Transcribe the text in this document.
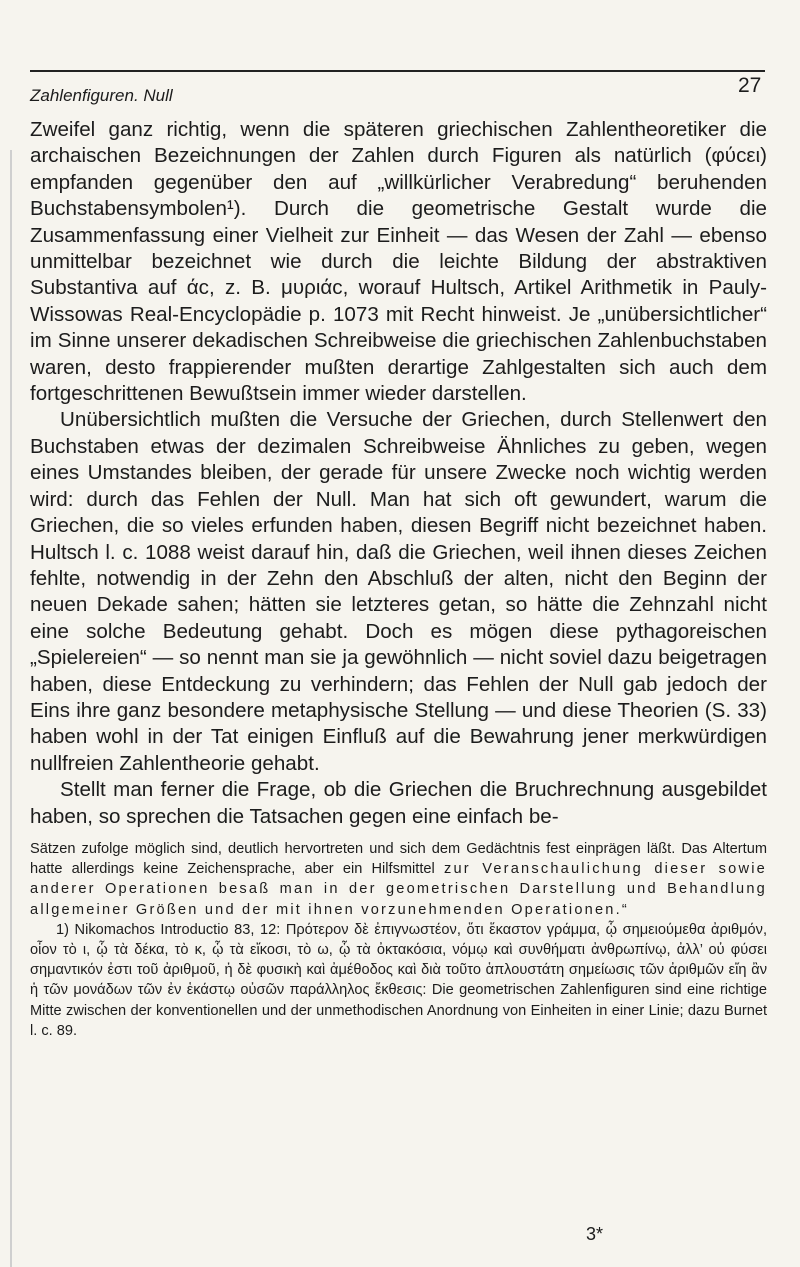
Zahlenfiguren. Null	27

Zweifel ganz richtig, wenn die späteren griechischen Zahlentheoretiker die archaischen Bezeichnungen der Zahlen durch Figuren als natürlich (φύcει) empfanden gegenüber den auf „willkürlicher Verabredung“ beruhenden Buchstabensymbolen¹). Durch die geometrische Gestalt wurde die Zusammenfassung einer Vielheit zur Einheit — das Wesen der Zahl — ebenso unmittelbar bezeichnet wie durch die leichte Bildung der abstraktiven Substantiva auf άc, z. B. μυριάc, worauf Hultsch, Artikel Arithmetik in Pauly-Wissowas Real-Encyclopädie p. 1073 mit Recht hinweist. Je „unübersichtlicher“ im Sinne unserer dekadischen Schreibweise die griechischen Zahlenbuchstaben waren, desto frappierender mußten derartige Zahlgestalten sich auch dem fortgeschrittenen Bewußtsein immer wieder darstellen.

Unübersichtlich mußten die Versuche der Griechen, durch Stellenwert den Buchstaben etwas der dezimalen Schreibweise Ähnliches zu geben, wegen eines Umstandes bleiben, der gerade für unsere Zwecke noch wichtig werden wird: durch das Fehlen der Null. Man hat sich oft gewundert, warum die Griechen, die so vieles erfunden haben, diesen Begriff nicht bezeichnet haben. Hultsch l. c. 1088 weist darauf hin, daß die Griechen, weil ihnen dieses Zeichen fehlte, notwendig in der Zehn den Abschluß der alten, nicht den Beginn der neuen Dekade sahen; hätten sie letzteres getan, so hätte die Zehnzahl nicht eine solche Bedeutung gehabt. Doch es mögen diese pythagoreischen „Spielereien“ — so nennt man sie ja gewöhnlich — nicht soviel dazu beigetragen haben, diese Entdeckung zu verhindern; das Fehlen der Null gab jedoch der Eins ihre ganz besondere metaphysische Stellung — und diese Theorien (S. 33) haben wohl in der Tat einigen Einfluß auf die Bewahrung jener merkwürdigen nullfreien Zahlentheorie gehabt.

Stellt man ferner die Frage, ob die Griechen die Bruchrechnung ausgebildet haben, so sprechen die Tatsachen gegen eine einfach be-

Sätzen zufolge möglich sind, deutlich hervortreten und sich dem Gedächtnis fest einprägen läßt. Das Altertum hatte allerdings keine Zeichensprache, aber ein Hilfsmittel zur Veranschaulichung dieser sowie anderer Operationen besaß man in der geometrischen Darstellung und Behandlung allgemeiner Größen und der mit ihnen vorzunehmenden Operationen.“

1) Nikomachos Introductio 83, 12: Πρότερον δὲ ἐπιγνωστέον, ὅτι ἕκαστον γράμμα, ᾧ σημειούμεθα ἀριθμόν, οἷον τὸ ι, ᾧ τὰ δέκα, τὸ κ, ᾧ τὰ εἴκοσι, τὸ ω, ᾧ τὰ ὀκτακόσια, νόμῳ καὶ συνθήματι ἀνθρωπίνῳ, ἀλλ’ οὐ φύσει σημαντικόν ἐστι τοῦ ἀριθμοῦ, ἡ δὲ φυσικὴ καὶ ἀμέθοδος καὶ διὰ τοῦτο ἁπλουστάτη σημείωσις τῶν ἀριθμῶν εἴη ἂν ἡ τῶν μονάδων τῶν ἐν ἑκάστῳ οὐσῶν παράλληλος ἔκθεσις: Die geometrischen Zahlenfiguren sind eine richtige Mitte zwischen der konventionellen und der unmethodischen Anordnung von Einheiten in einer Linie; dazu Burnet l. c. 89.

3*
